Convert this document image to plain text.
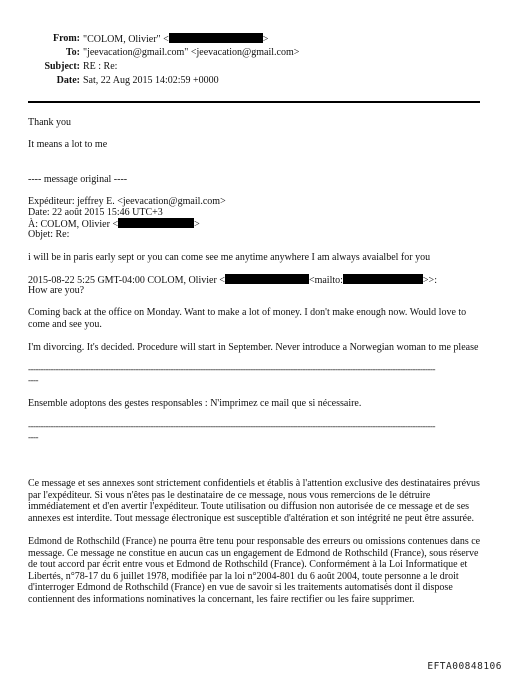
From: "COLOM, Olivier" <	>
To: "jeevacation@gmail.com" <jeevacation@gmail.com>
Subject: RE : Re:
Date: Sat, 22 Aug 2015 14:02:59 +0000
Thank you
It means a lot to me
---- message original ----
Expéditeur: jeffrey E. <jeevacation@gmail.com>
Date: 22 août 2015 15:46 UTC+3
À: COLOM, Olivier <	>
Objet: Re:
i will be in paris early sept or you can come see me anytime anywhere I am always avaialbel for you
2015-08-22 5:25 GMT-04:00 COLOM, Olivier <	<mailto:	>>:
How are you?
Coming back at the office on Monday. Want to make a lot of money. I don't make enough now. Would love to come and see you.
I'm divorcing. It's decided. Procedure will start in September. Never introduce a Norwegian woman to me please
-------------------------------------------------------------------------------------------------------------------------------------------------------------------
----
Ensemble adoptons des gestes responsables : N'imprimez ce mail que si nécessaire.
-------------------------------------------------------------------------------------------------------------------------------------------------------------------
----
Ce message et ses annexes sont strictement confidentiels et établis à l'attention exclusive des destinataires prévus par l'expéditeur. Si vous n'êtes pas le destinataire de ce message, nous vous remercions de le détruire immédiatement et d'en avertir l'expéditeur. Toute utilisation ou diffusion non autorisée de ce message et de ses annexes est interdite. Tout message électronique est susceptible d'altération et son intégrité ne peut être assurée.
Edmond de Rothschild (France) ne pourra être tenu pour responsable des erreurs ou omissions contenues dans ce message. Ce message ne constitue en aucun cas un engagement de Edmond de Rothschild (France), sous réserve de tout accord par écrit entre vous et Edmond de Rothschild (France). Conformément à la Loi Informatique et Libertés, n°78-17 du 6 juillet 1978, modifiée par la loi n°2004-801 du 6 août 2004, toute personne a le droit d'interroger Edmond de Rothschild (France) en vue de savoir si les traitements automatisés dont il dispose contiennent des informations nominatives la concernant, les faire rectifier ou les faire supprimer.
EFTA00848106
